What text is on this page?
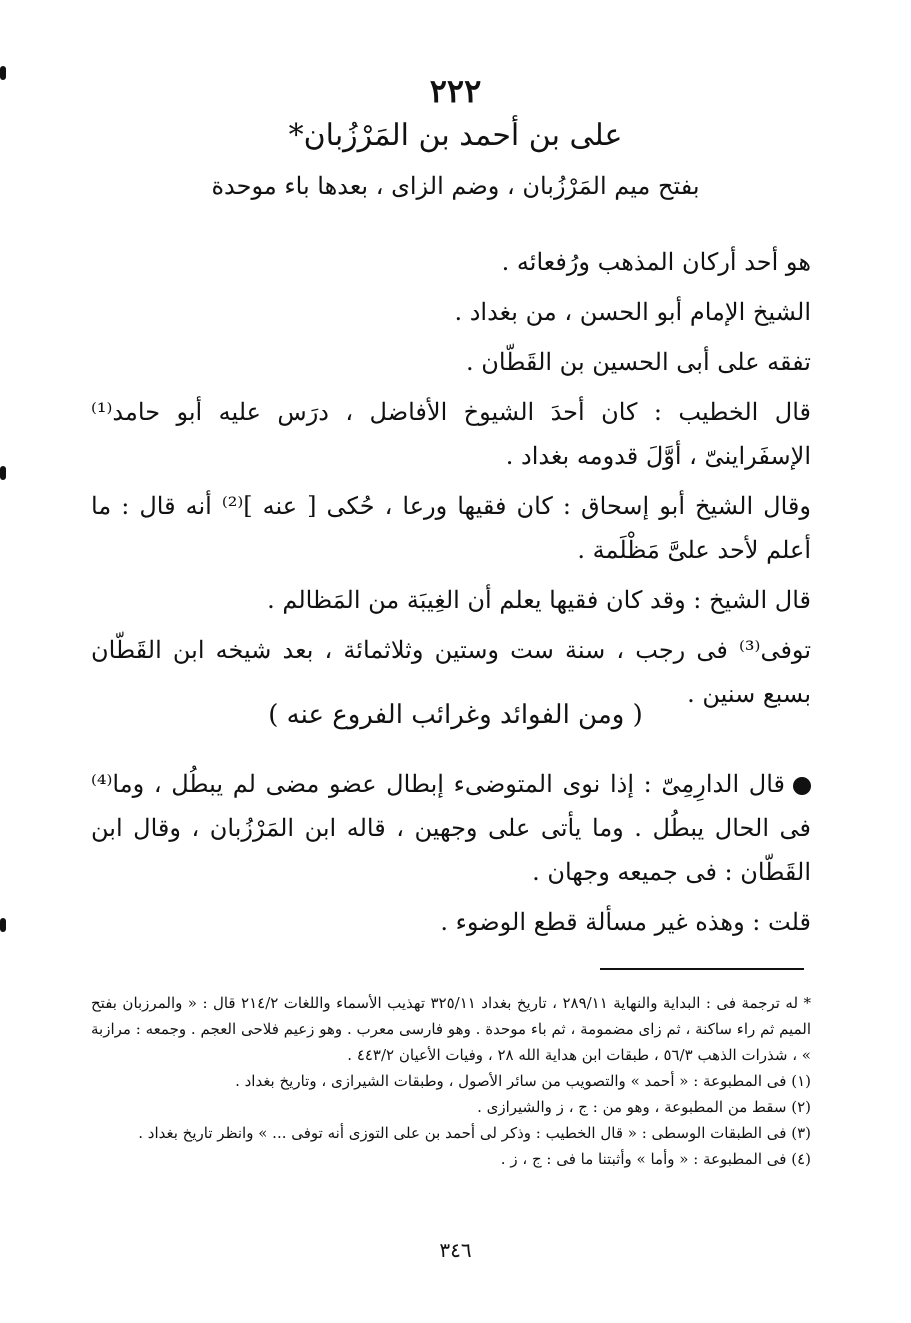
٢٢٢
على بن أحمد بن المَرْزُبان*
بفتح ميم المَرْزُبان ، وضم الزاى ، بعدها باء موحدة

هو أحد أركان المذهب ورُفعائه .

الشيخ الإمام أبو الحسن ، من بغداد .

تفقه على أبى الحسين بن القَطّان .

قال الخطيب : كان أحدَ الشيوخ الأفاضل ، درَس عليه أبو حامد⁽¹⁾ الإسفَراينىّ ، أوَّلَ قدومه بغداد .

وقال الشيخ أبو إسحاق : كان فقيها ورعا ، حُكى [ عنه ]⁽²⁾ أنه قال : ما أعلم لأحد علىَّ مَظْلَمة .

قال الشيخ : وقد كان فقيها يعلم أن الغِيبَة من المَظالم .

توفى⁽³⁾ فى رجب ، سنة ست وستين وثلاثمائة ، بعد شيخه ابن القَطّان بسبع سنين .

( ومن الفوائد وغرائب الفروع عنه )

قال الدارِمِىّ : إذا نوى المتوضىء إبطال عضو مضى لم يبطُل ، وما⁽⁴⁾ فى الحال يبطُل . وما يأتى على وجهين ، قاله ابن المَرْزُبان ، وقال ابن القَطّان : فى جميعه وجهان .

قلت : وهذه غير مسألة قطع الوضوء .

* له ترجمة فى : البداية والنهاية ٢٨٩/١١ ، تاريخ بغداد ٣٢٥/١١ تهذيب الأسماء واللغات ٢١٤/٢ قال : « والمرزبان بفتح الميم ثم راء ساكنة ، ثم زاى مضمومة ، ثم باء موحدة . وهو فارسى معرب . وهو زعيم فلاحى العجم . وجمعه : مرازبة » ، شذرات الذهب ٥٦/٣ ، طبقات ابن هداية الله ٢٨ ، وفيات الأعيان ٤٤٣/٢ .

(١) فى المطبوعة : « أحمد » والتصويب من سائر الأصول ، وطبقات الشيرازى ، وتاريخ بغداد .

(٢) سقط من المطبوعة ، وهو من : ج ، ز والشيرازى .

(٣) فى الطبقات الوسطى : « قال الخطيب : وذكر لى أحمد بن على التوزى أنه توفى ... » وانظر تاريخ بغداد .

(٤) فى المطبوعة : « وأما » وأثبتنا ما فى : ج ، ز .

٣٤٦
